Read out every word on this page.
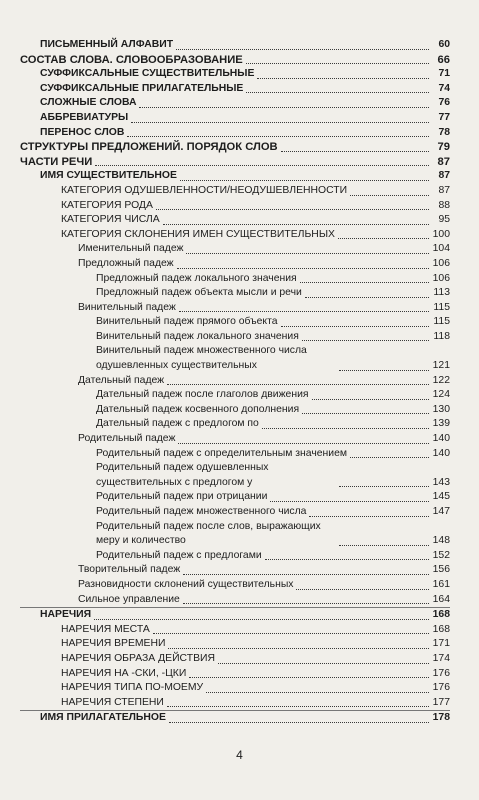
ПИСЬМЕННЫЙ АЛФАВИТ	60
СОСТАВ СЛОВА. СЛОВООБРАЗОВАНИЕ	66
СУФФИКСАЛЬНЫЕ СУЩЕСТВИТЕЛЬНЫЕ	71
СУФФИКСАЛЬНЫЕ ПРИЛАГАТЕЛЬНЫЕ	74
СЛОЖНЫЕ СЛОВА	76
АББРЕВИАТУРЫ	77
ПЕРЕНОС СЛОВ	78
СТРУКТУРЫ ПРЕДЛОЖЕНИЙ. ПОРЯДОК СЛОВ	79
ЧАСТИ РЕЧИ	87
ИМЯ СУЩЕСТВИТЕЛЬНОЕ	87
КАТЕГОРИЯ ОДУШЕВЛЕННОСТИ/НЕОДУШЕВЛЕННОСТИ	87
КАТЕГОРИЯ РОДА	88
КАТЕГОРИЯ ЧИСЛА	95
КАТЕГОРИЯ СКЛОНЕНИЯ ИМЕН СУЩЕСТВИТЕЛЬНЫХ	100
Именительный падеж	104
Предложный падеж	106
Предложный падеж локального значения	106
Предложный падеж объекта мысли и речи	113
Винительный падеж	115
Винительный падеж прямого объекта	115
Винительный падеж локального значения	118
Винительный падеж множественного числа одушевленных существительных	121
Дательный падеж	122
Дательный падеж после глаголов движения	124
Дательный падеж косвенного дополнения	130
Дательный падеж с предлогом по	139
Родительный падеж	140
Родительный падеж с определительным значением	140
Родительный падеж одушевленных существительных с предлогом у	143
Родительный падеж при отрицании	145
Родительный падеж множественного числа	147
Родительный падеж после слов, выражающих меру и количество	148
Родительный падеж с предлогами	152
Творительный падеж	156
Разновидности склонений существительных	161
Сильное управление	164
НАРЕЧИЯ	168
НАРЕЧИЯ МЕСТА	168
НАРЕЧИЯ ВРЕМЕНИ	171
НАРЕЧИЯ ОБРАЗА ДЕЙСТВИЯ	174
НАРЕЧИЯ НА -СКИ, -ЦКИ	176
НАРЕЧИЯ ТИПА ПО-МОЕМУ	176
НАРЕЧИЯ СТЕПЕНИ	177
ИМЯ ПРИЛАГАТЕЛЬНОЕ	178
4
